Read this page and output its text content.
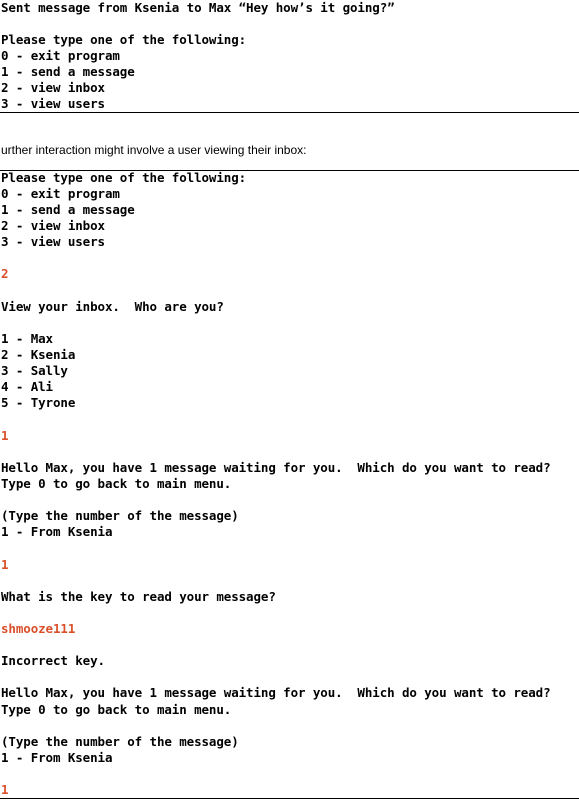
Sent message from Ksenia to Max “Hey how’s it going?”
Please type one of the following:
0 - exit program
1 - send a message
2 - view inbox
3 - view users
urther interaction might involve a user viewing their inbox:
Please type one of the following:
0 - exit program
1 - send a message
2 - view inbox
3 - view users
2
View your inbox.  Who are you?
1 - Max
2 - Ksenia
3 - Sally
4 - Ali
5 - Tyrone
1
Hello Max, you have 1 message waiting for you.  Which do you want to read?
Type 0 to go back to main menu.
(Type the number of the message)
1 - From Ksenia
1
What is the key to read your message?
shmooze111
Incorrect key.
Hello Max, you have 1 message waiting for you.  Which do you want to read?
Type 0 to go back to main menu.
(Type the number of the message)
1 - From Ksenia
1
